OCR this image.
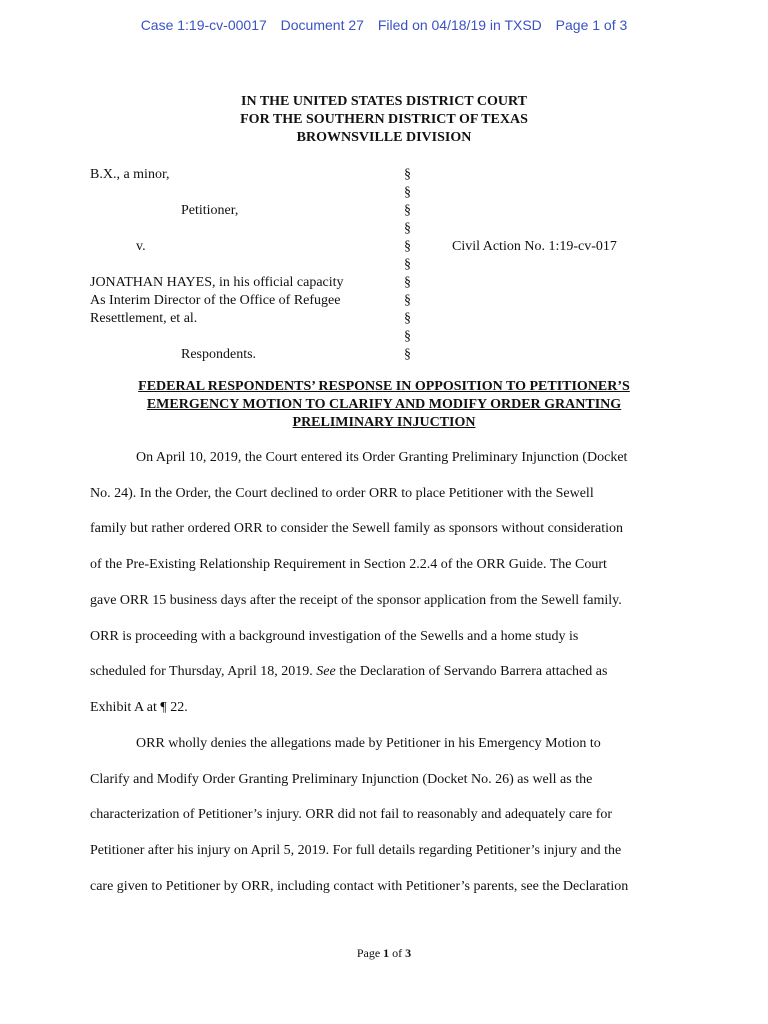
Case 1:19-cv-00017 Document 27 Filed on 04/18/19 in TXSD Page 1 of 3
IN THE UNITED STATES DISTRICT COURT
FOR THE SOUTHERN DISTRICT OF TEXAS
BROWNSVILLE DIVISION
B.X., a minor,
Petitioner,
v.	Civil Action No. 1:19-cv-017
JONATHAN HAYES, in his official capacity
As Interim Director of the Office of Refugee
Resettlement, et al.
Respondents.
§
§
§
§
§
§
§
§
§
§
§
FEDERAL RESPONDENTS’ RESPONSE IN OPPOSITION TO PETITIONER’S
EMERGENCY MOTION TO CLARIFY AND MODIFY ORDER GRANTING
PRELIMINARY INJUCTION
On April 10, 2019, the Court entered its Order Granting Preliminary Injunction (Docket
No. 24). In the Order, the Court declined to order ORR to place Petitioner with the Sewell
family but rather ordered ORR to consider the Sewell family as sponsors without consideration
of the Pre-Existing Relationship Requirement in Section 2.2.4 of the ORR Guide. The Court
gave ORR 15 business days after the receipt of the sponsor application from the Sewell family.
ORR is proceeding with a background investigation of the Sewells and a home study is
scheduled for Thursday, April 18, 2019. See the Declaration of Servando Barrera attached as
Exhibit A at ¶ 22.
ORR wholly denies the allegations made by Petitioner in his Emergency Motion to
Clarify and Modify Order Granting Preliminary Injunction (Docket No. 26) as well as the
characterization of Petitioner’s injury. ORR did not fail to reasonably and adequately care for
Petitioner after his injury on April 5, 2019. For full details regarding Petitioner’s injury and the
care given to Petitioner by ORR, including contact with Petitioner’s parents, see the Declaration
Page 1 of 3
